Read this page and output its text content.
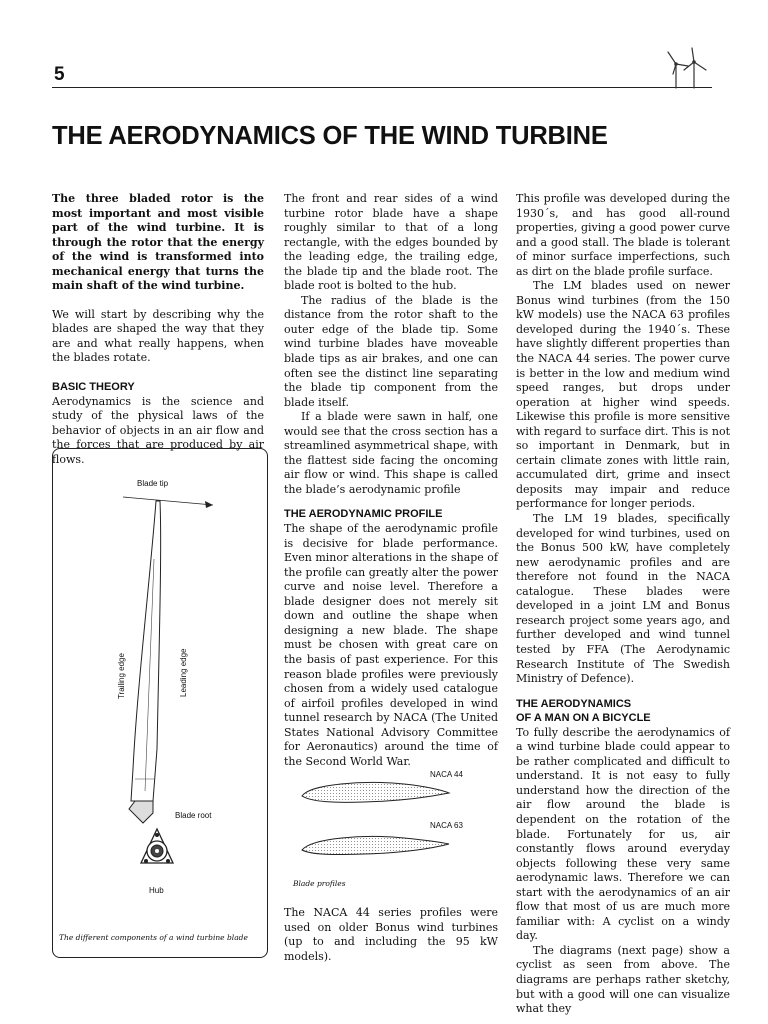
5
THE AERODYNAMICS OF THE WIND TURBINE

The three bladed rotor is the most important and most visible part of the wind turbine. It is through the rotor that the energy of the wind is transformed into mechanical energy that turns the main shaft of the wind turbine.

We will start by describing why the blades are shaped the way that they are and what really happens, when the blades rotate.

BASIC THEORY

Aerodynamics is the science and study of the physical laws of the behavior of objects in an air flow and the forces that are produced by air flows.

Blade tip
Trailing edge	Leading edge
Blade root
Hub
The different components of a wind turbine blade

The front and rear sides of a wind turbine rotor blade have a shape roughly similar to that of a long rectangle, with the edges bounded by the leading edge, the trailing edge, the blade tip and the blade root. The blade root is bolted to the hub.

The radius of the blade is the distance from the rotor shaft to the outer edge of the blade tip. Some wind turbine blades have moveable blade tips as air brakes, and one can often see the distinct line separating the blade tip component from the blade itself.

If a blade were sawn in half, one would see that the cross section has a streamlined asymmetrical shape, with the flattest side facing the oncoming air flow or wind. This shape is called the blade’s aerodynamic profile

THE AERODYNAMIC PROFILE

The shape of the aerodynamic profile is decisive for blade performance. Even minor alterations in the shape of the profile can greatly alter the power curve and noise level. Therefore a blade designer does not merely sit down and outline the shape when designing a new blade. The shape must be chosen with great care on the basis of past experience. For this reason blade profiles were previously chosen from a widely used catalogue of airfoil profiles developed in wind tunnel research by NACA (The United States National Advisory Committee for Aeronautics) around the time of the Second World War.

NACA 44
NACA 63
Blade profiles

The NACA 44 series profiles were used on older Bonus wind turbines (up to and including the 95 kW models).

This profile was developed during the 1930´s, and has good all-round properties, giving a good power curve and a good stall. The blade is tolerant of minor surface imperfections, such as dirt on the blade profile surface.

The LM blades used on newer Bonus wind turbines (from the 150 kW models) use the NACA 63 profiles developed during the 1940´s. These have slightly different properties than the NACA 44 series. The power curve is better in the low and medium wind speed ranges, but drops under operation at higher wind speeds. Likewise this profile is more sensitive with regard to surface dirt. This is not so important in Denmark, but in certain climate zones with little rain, accumulated dirt, grime and insect deposits may impair and reduce performance for longer periods.

The LM 19 blades, specifically developed for wind turbines, used on the Bonus 500 kW, have completely new aerodynamic profiles and are therefore not found in the NACA catalogue. These blades were developed in a joint LM and Bonus research project some years ago, and further developed and wind tunnel tested by FFA (The Aerodynamic Research Institute of The Swedish Ministry of Defence).

THE AERODYNAMICS

OF A MAN ON A BICYCLE

To fully describe the aerodynamics of a wind turbine blade could appear to be rather complicated and difficult to understand. It is not easy to fully understand how the direction of the air flow around the blade is dependent on the rotation of the blade. Fortunately for us, air constantly flows around everyday objects following these very same aerodynamic laws. Therefore we can start with the aerodynamics of an air flow that most of us are much more familiar with: A cyclist on a windy day.

The diagrams (next page) show a cyclist as seen from above. The diagrams are perhaps rather sketchy, but with a good will one can visualize what they
